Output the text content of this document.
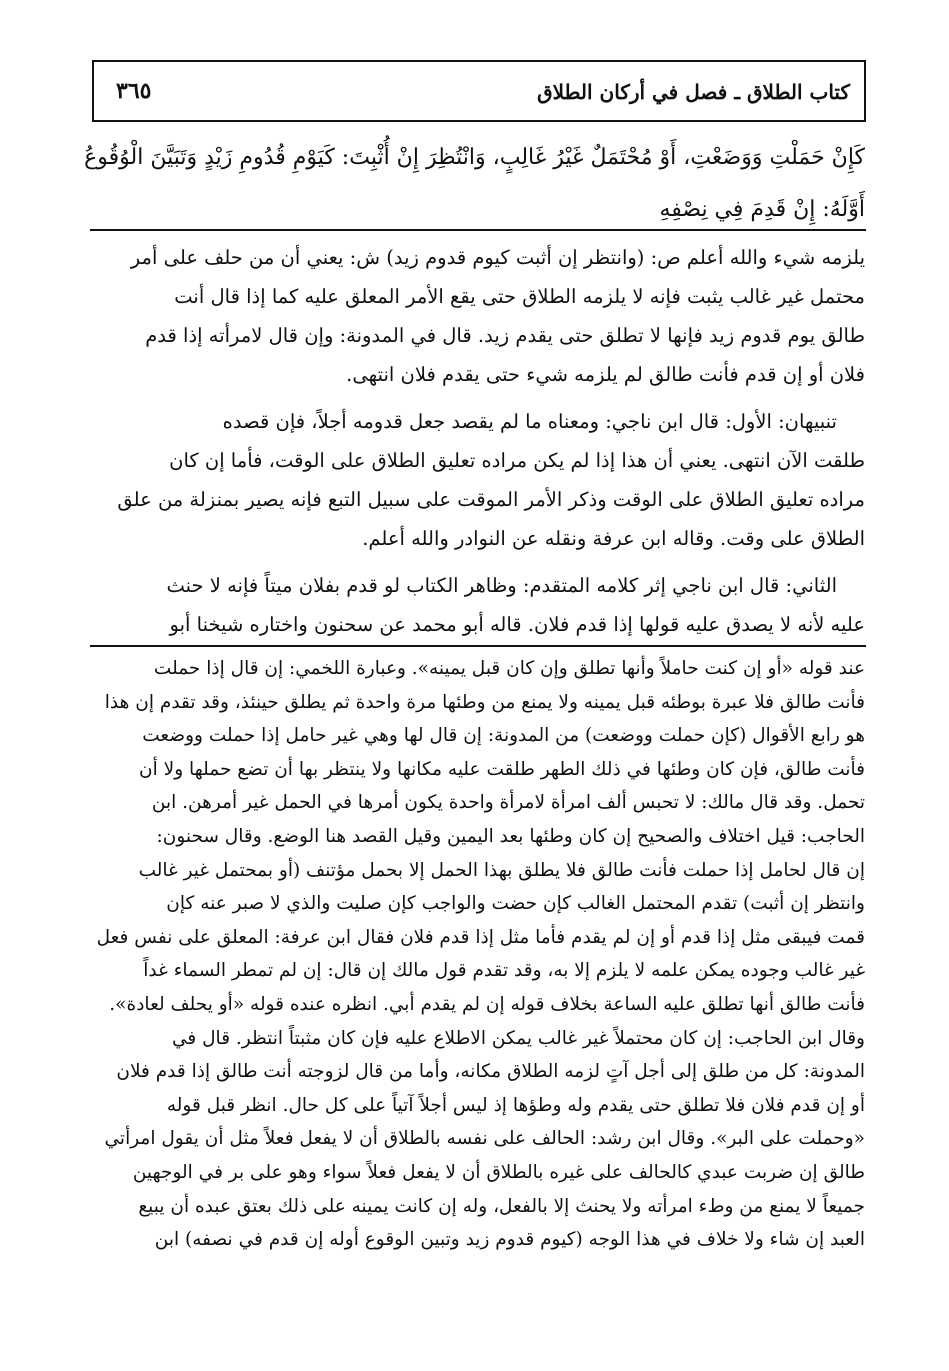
كتاب الطلاق ـ فصل في أركان الطلاق
٣٦٥
كَإِنْ حَمَلْتِ وَوَضَعْتِ، أَوْ مُحْتَمَلٌ غَيْرُ غَالِبٍ، وَانْتُظِرَ إِنْ أُثْبِتَ: كَيَوْمِ قُدُومِ زَيْدٍ وَتَبَيَّنَ الْوُقُوعُ
أَوَّلَهُ: إِنْ قَدِمَ فِي نِصْفِهِ
يلزمه شيء والله أعلم ص: (وانتظر إن أثبت كيوم قدوم زيد) ش: يعني أن من حلف على أمر
محتمل غير غالب يثبت فإنه لا يلزمه الطلاق حتى يقع الأمر المعلق عليه كما إذا قال أنت
طالق يوم قدوم زيد فإنها لا تطلق حتى يقدم زيد. قال في المدونة: وإن قال لامرأته إذا قدم
فلان أو إن قدم فأنت طالق لم يلزمه شيء حتى يقدم فلان انتهى.
تنبيهان: الأول: قال ابن ناجي: ومعناه ما لم يقصد جعل قدومه أجلاً، فإن قصده
طلقت الآن انتهى. يعني أن هذا إذا لم يكن مراده تعليق الطلاق على الوقت، فأما إن كان
مراده تعليق الطلاق على الوقت وذكر الأمر الموقت على سبيل التبع فإنه يصير بمنزلة من علق
الطلاق على وقت. وقاله ابن عرفة ونقله عن النوادر والله أعلم.
الثاني: قال ابن ناجي إثر كلامه المتقدم: وظاهر الكتاب لو قدم بفلان ميتاً فإنه لا حنث
عليه لأنه لا يصدق عليه قولها إذا قدم فلان. قاله أبو محمد عن سحنون واختاره شيخنا أبو
عند قوله «أو إن كنت حاملاً وأنها تطلق وإن كان قبل يمينه». وعبارة اللخمي: إن قال إذا حملت
فأنت طالق فلا عبرة بوطئه قبل يمينه ولا يمنع من وطئها مرة واحدة ثم يطلق حينئذ، وقد تقدم إن هذا
هو رابع الأقوال (كإن حملت ووضعت) من المدونة: إن قال لها وهي غير حامل إذا حملت ووضعت
فأنت طالق، فإن كان وطئها في ذلك الطهر طلقت عليه مكانها ولا ينتظر بها أن تضع حملها ولا أن
تحمل. وقد قال مالك: لا تحبس ألف امرأة لامرأة واحدة يكون أمرها في الحمل غير أمرهن. ابن
الحاجب: قيل اختلاف والصحيح إن كان وطئها بعد اليمين وقيل القصد هنا الوضع. وقال سحنون:
إن قال لحامل إذا حملت فأنت طالق فلا يطلق بهذا الحمل إلا بحمل مؤتنف (أو بمحتمل غير غالب
وانتظر إن أثبت) تقدم المحتمل الغالب كإن حضت والواجب كإن صليت والذي لا صبر عنه كإن
قمت فيبقى مثل إذا قدم أو إن لم يقدم فأما مثل إذا قدم فلان فقال ابن عرفة: المعلق على نفس فعل
غير غالب وجوده يمكن علمه لا يلزم إلا به، وقد تقدم قول مالك إن قال: إن لم تمطر السماء غداً
فأنت طالق أنها تطلق عليه الساعة بخلاف قوله إن لم يقدم أبي. انظره عنده قوله «أو يحلف لعادة».
وقال ابن الحاجب: إن كان محتملاً غير غالب يمكن الاطلاع عليه فإن كان مثبتاً انتظر. قال في
المدونة: كل من طلق إلى أجل آتٍ لزمه الطلاق مكانه، وأما من قال لزوجته أنت طالق إذا قدم فلان
أو إن قدم فلان فلا تطلق حتى يقدم وله وطؤها إذ ليس أجلاً آتياً على كل حال. انظر قبل قوله
«وحملت على البر». وقال ابن رشد: الحالف على نفسه بالطلاق أن لا يفعل فعلاً مثل أن يقول امرأتي
طالق إن ضربت عبدي كالحالف على غيره بالطلاق أن لا يفعل فعلاً سواء وهو على بر في الوجهين
جميعاً لا يمنع من وطء امرأته ولا يحنث إلا بالفعل، وله إن كانت يمينه على ذلك بعتق عبده أن يبيع
العبد إن شاء ولا خلاف في هذا الوجه (كيوم قدوم زيد وتبين الوقوع أوله إن قدم في نصفه) ابن
